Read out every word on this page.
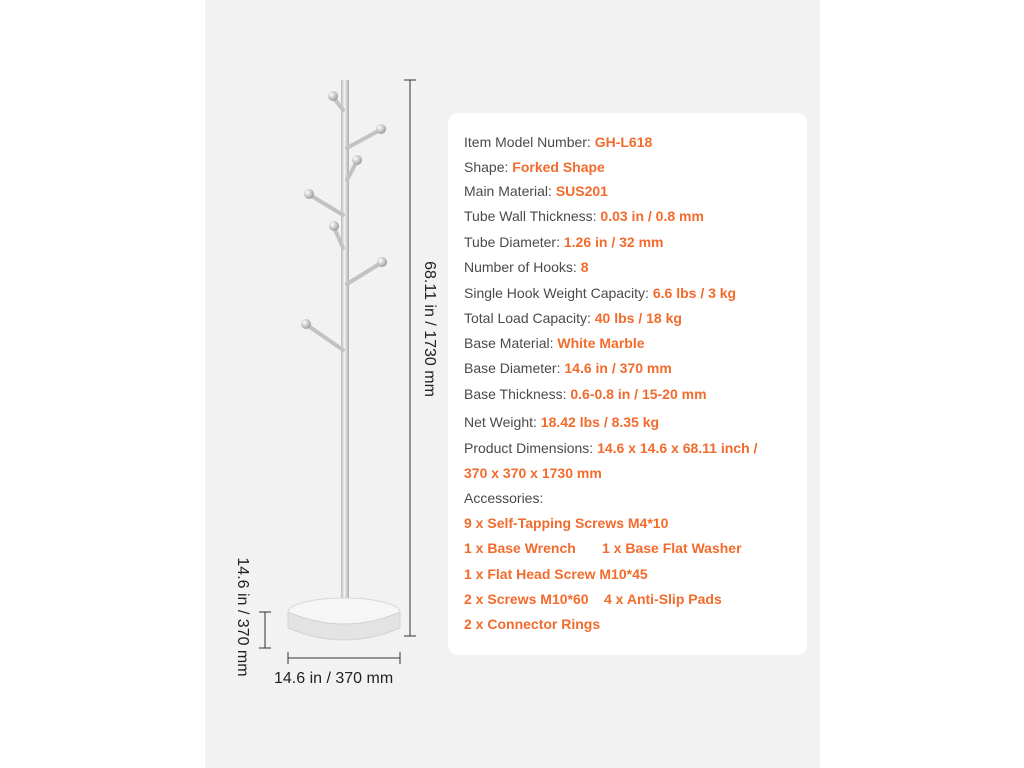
68.11 in / 1730 mm
14.6 in / 370 mm
14.6 in / 370 mm
Item Model Number: GH-L618
Shape: Forked Shape
Main Material: SUS201
Tube Wall Thickness: 0.03 in / 0.8 mm
Tube Diameter: 1.26 in / 32 mm
Number of Hooks: 8
Single Hook Weight Capacity: 6.6 lbs / 3 kg
Total Load Capacity: 40 lbs / 18 kg
Base Material: White Marble
Base Diameter: 14.6 in / 370 mm
Base Thickness: 0.6-0.8 in / 15-20 mm
Net Weight: 18.42 lbs / 8.35 kg
Product Dimensions: 14.6 x 14.6 x 68.11 inch /
370 x 370 x 1730 mm
Accessories:
9 x Self-Tapping Screws M4*10
1 x Base Wrench 1 x Base Flat Washer
1 x Flat Head Screw M10*45
2 x Screws M10*60 4 x Anti-Slip Pads
2 x Connector Rings
